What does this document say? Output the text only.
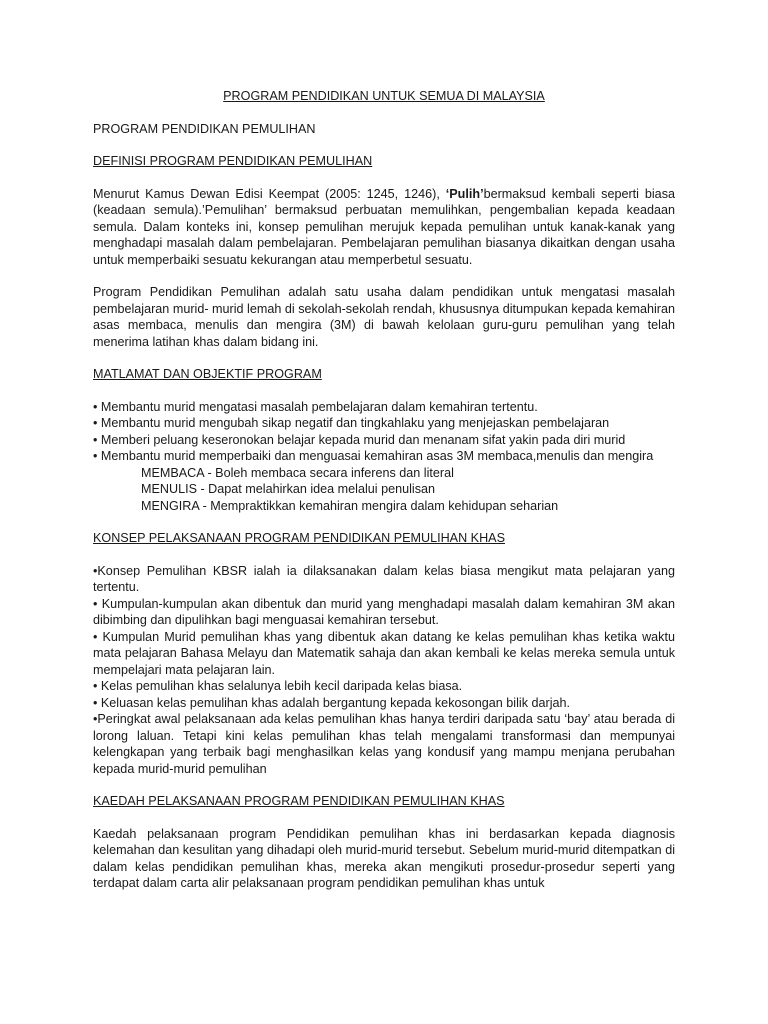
PROGRAM PENDIDIKAN UNTUK SEMUA DI MALAYSIA
PROGRAM PENDIDIKAN PEMULIHAN
DEFINISI PROGRAM PENDIDIKAN PEMULIHAN

Menurut Kamus Dewan Edisi Keempat (2005: 1245, 1246), ‘Pulih’bermaksud kembali seperti biasa (keadaan semula).’Pemulihan’ bermaksud perbuatan memulihkan, pengembalian kepada keadaan semula. Dalam konteks ini, konsep pemulihan merujuk kepada pemulihan untuk kanak-kanak yang menghadapi masalah dalam pembelajaran. Pembelajaran pemulihan biasanya dikaitkan dengan usaha untuk memperbaiki sesuatu kekurangan atau memperbetul sesuatu.

Program Pendidikan Pemulihan adalah satu usaha dalam pendidikan untuk mengatasi masalah pembelajaran murid- murid lemah di sekolah-sekolah rendah, khususnya ditumpukan kepada kemahiran asas membaca, menulis dan mengira (3M) di bawah kelolaan guru-guru pemulihan yang telah menerima latihan khas dalam bidang ini.

MATLAMAT DAN OBJEKTIF PROGRAM
• Membantu murid mengatasi masalah pembelajaran dalam kemahiran tertentu.
• Membantu murid mengubah sikap negatif dan tingkahlaku yang menjejaskan pembelajaran
• Memberi peluang keseronokan belajar kepada murid dan menanam sifat yakin pada diri murid
• Membantu murid memperbaiki dan menguasai kemahiran asas 3M membaca,menulis dan mengira
MEMBACA - Boleh membaca secara inferens dan literal
MENULIS - Dapat melahirkan idea melalui penulisan
MENGIRA - Mempraktikkan kemahiran mengira dalam kehidupan seharian
KONSEP PELAKSANAAN PROGRAM PENDIDIKAN PEMULIHAN KHAS
•Konsep Pemulihan KBSR ialah ia dilaksanakan dalam kelas biasa mengikut mata pelajaran yang tertentu.
• Kumpulan-kumpulan akan dibentuk dan murid yang menghadapi masalah dalam kemahiran 3M akan dibimbing dan dipulihkan bagi menguasai kemahiran tersebut.
• Kumpulan Murid pemulihan khas yang dibentuk akan datang ke kelas pemulihan khas ketika waktu mata pelajaran Bahasa Melayu dan Matematik sahaja dan akan kembali ke kelas mereka semula untuk mempelajari mata pelajaran lain.
• Kelas pemulihan khas selalunya lebih kecil daripada kelas biasa.
• Keluasan kelas pemulihan khas adalah bergantung kepada kekosongan bilik darjah.
•Peringkat awal pelaksanaan ada kelas pemulihan khas hanya terdiri daripada satu ‘bay’ atau berada di lorong laluan. Tetapi kini kelas pemulihan khas telah mengalami transformasi dan mempunyai kelengkapan yang terbaik bagi menghasilkan kelas yang kondusif yang mampu menjana perubahan kepada murid-murid pemulihan
KAEDAH PELAKSANAAN PROGRAM PENDIDIKAN PEMULIHAN KHAS

Kaedah pelaksanaan program Pendidikan pemulihan khas ini berdasarkan kepada diagnosis kelemahan dan kesulitan yang dihadapi oleh murid-murid tersebut. Sebelum murid-murid ditempatkan di dalam kelas pendidikan pemulihan khas, mereka akan mengikuti prosedur-prosedur seperti yang terdapat dalam carta alir pelaksanaan program pendidikan pemulihan khas untuk
